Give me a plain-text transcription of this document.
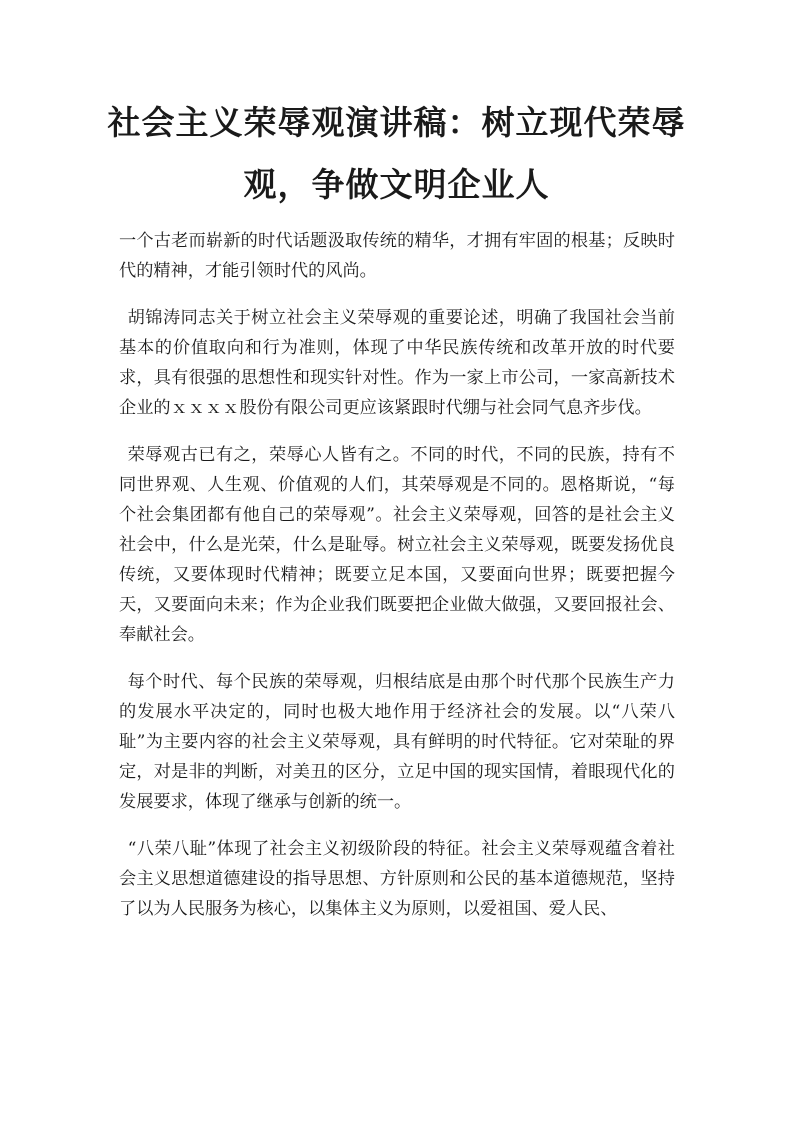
社会主义荣辱观演讲稿：树立现代荣辱观，争做文明企业人

一个古老而崭新的时代话题汲取传统的精华，才拥有牢固的根基；反映时代的精神，才能引领时代的风尚。

胡锦涛同志关于树立社会主义荣辱观的重要论述，明确了我国社会当前基本的价值取向和行为准则，体现了中华民族传统和改革开放的时代要求，具有很强的思想性和现实针对性。作为一家上市公司，一家高新技术企业的ｘｘｘｘ股份有限公司更应该紧跟时代绷与社会同气息齐步伐。

荣辱观古已有之，荣辱心人皆有之。不同的时代，不同的民族，持有不同世界观、人生观、价值观的人们，其荣辱观是不同的。恩格斯说，“每个社会集团都有他自己的荣辱观”。社会主义荣辱观，回答的是社会主义社会中，什么是光荣，什么是耻辱。树立社会主义荣辱观，既要发扬优良传统，又要体现时代精神；既要立足本国，又要面向世界；既要把握今天，又要面向未来；作为企业我们既要把企业做大做强，又要回报社会、奉献社会。

每个时代、每个民族的荣辱观，归根结底是由那个时代那个民族生产力的发展水平决定的，同时也极大地作用于经济社会的发展。以“八荣八耻”为主要内容的社会主义荣辱观，具有鲜明的时代特征。它对荣耻的界定，对是非的判断，对美丑的区分，立足中国的现实国情，着眼现代化的发展要求，体现了继承与创新的统一。

“八荣八耻”体现了社会主义初级阶段的特征。社会主义荣辱观蕴含着社会主义思想道德建设的指导思想、方针原则和公民的基本道德规范，坚持了以为人民服务为核心，以集体主义为原则，以爱祖国、爱人民、
